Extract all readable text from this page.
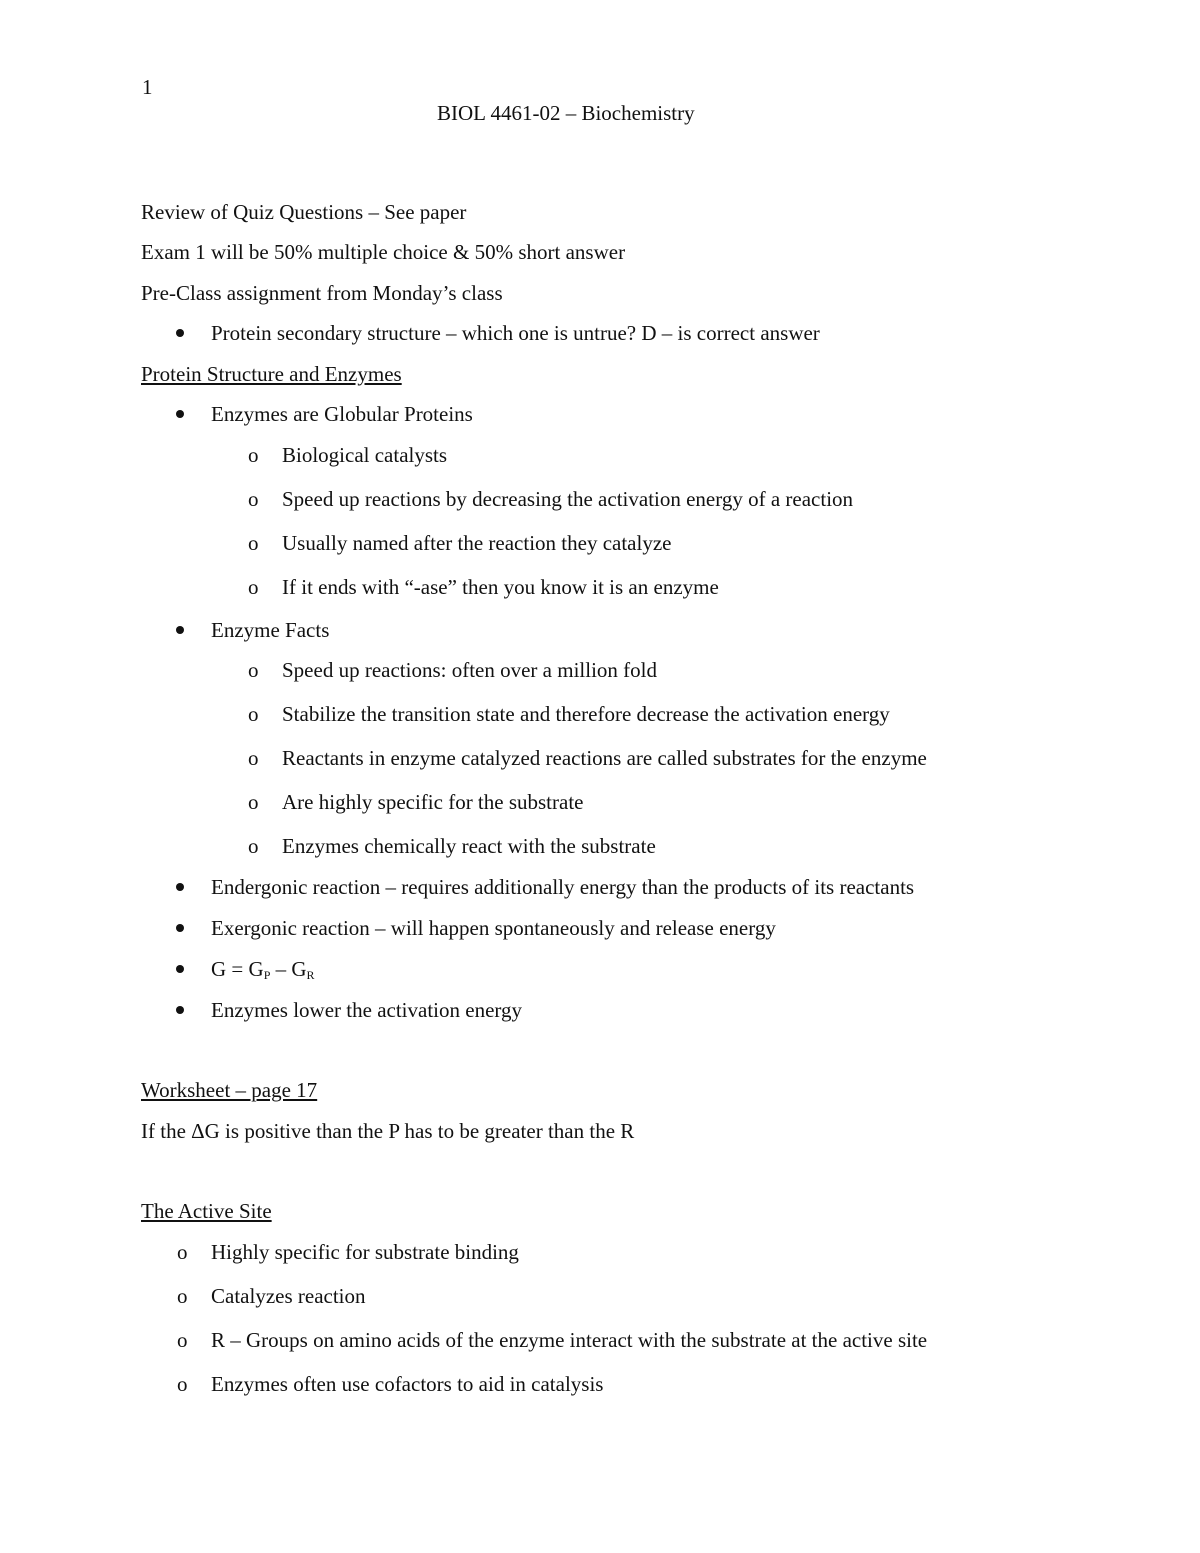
1
BIOL 4461-02 – Biochemistry
Review of Quiz Questions – See paper
Exam 1 will be 50% multiple choice & 50% short answer
Pre-Class assignment from Monday’s class
Protein secondary structure – which one is untrue? D – is correct answer
Protein Structure and Enzymes
Enzymes are Globular Proteins
o Biological catalysts
o Speed up reactions by decreasing the activation energy of a reaction
o Usually named after the reaction they catalyze
o If it ends with “-ase” then you know it is an enzyme
Enzyme Facts
o Speed up reactions: often over a million fold
o Stabilize the transition state and therefore decrease the activation energy
o Reactants in enzyme catalyzed reactions are called substrates for the enzyme
o Are highly specific for the substrate
o Enzymes chemically react with the substrate
Endergonic reaction – requires additionally energy than the products of its reactants
Exergonic reaction – will happen spontaneously and release energy
$G = G_P - G_R$
Enzymes lower the activation energy
Worksheet – page 17
If the ΔG is positive than the P has to be greater than the R
The Active Site
o Highly specific for substrate binding
o Catalyzes reaction
o R – Groups on amino acids of the enzyme interact with the substrate at the active site
o Enzymes often use cofactors to aid in catalysis
